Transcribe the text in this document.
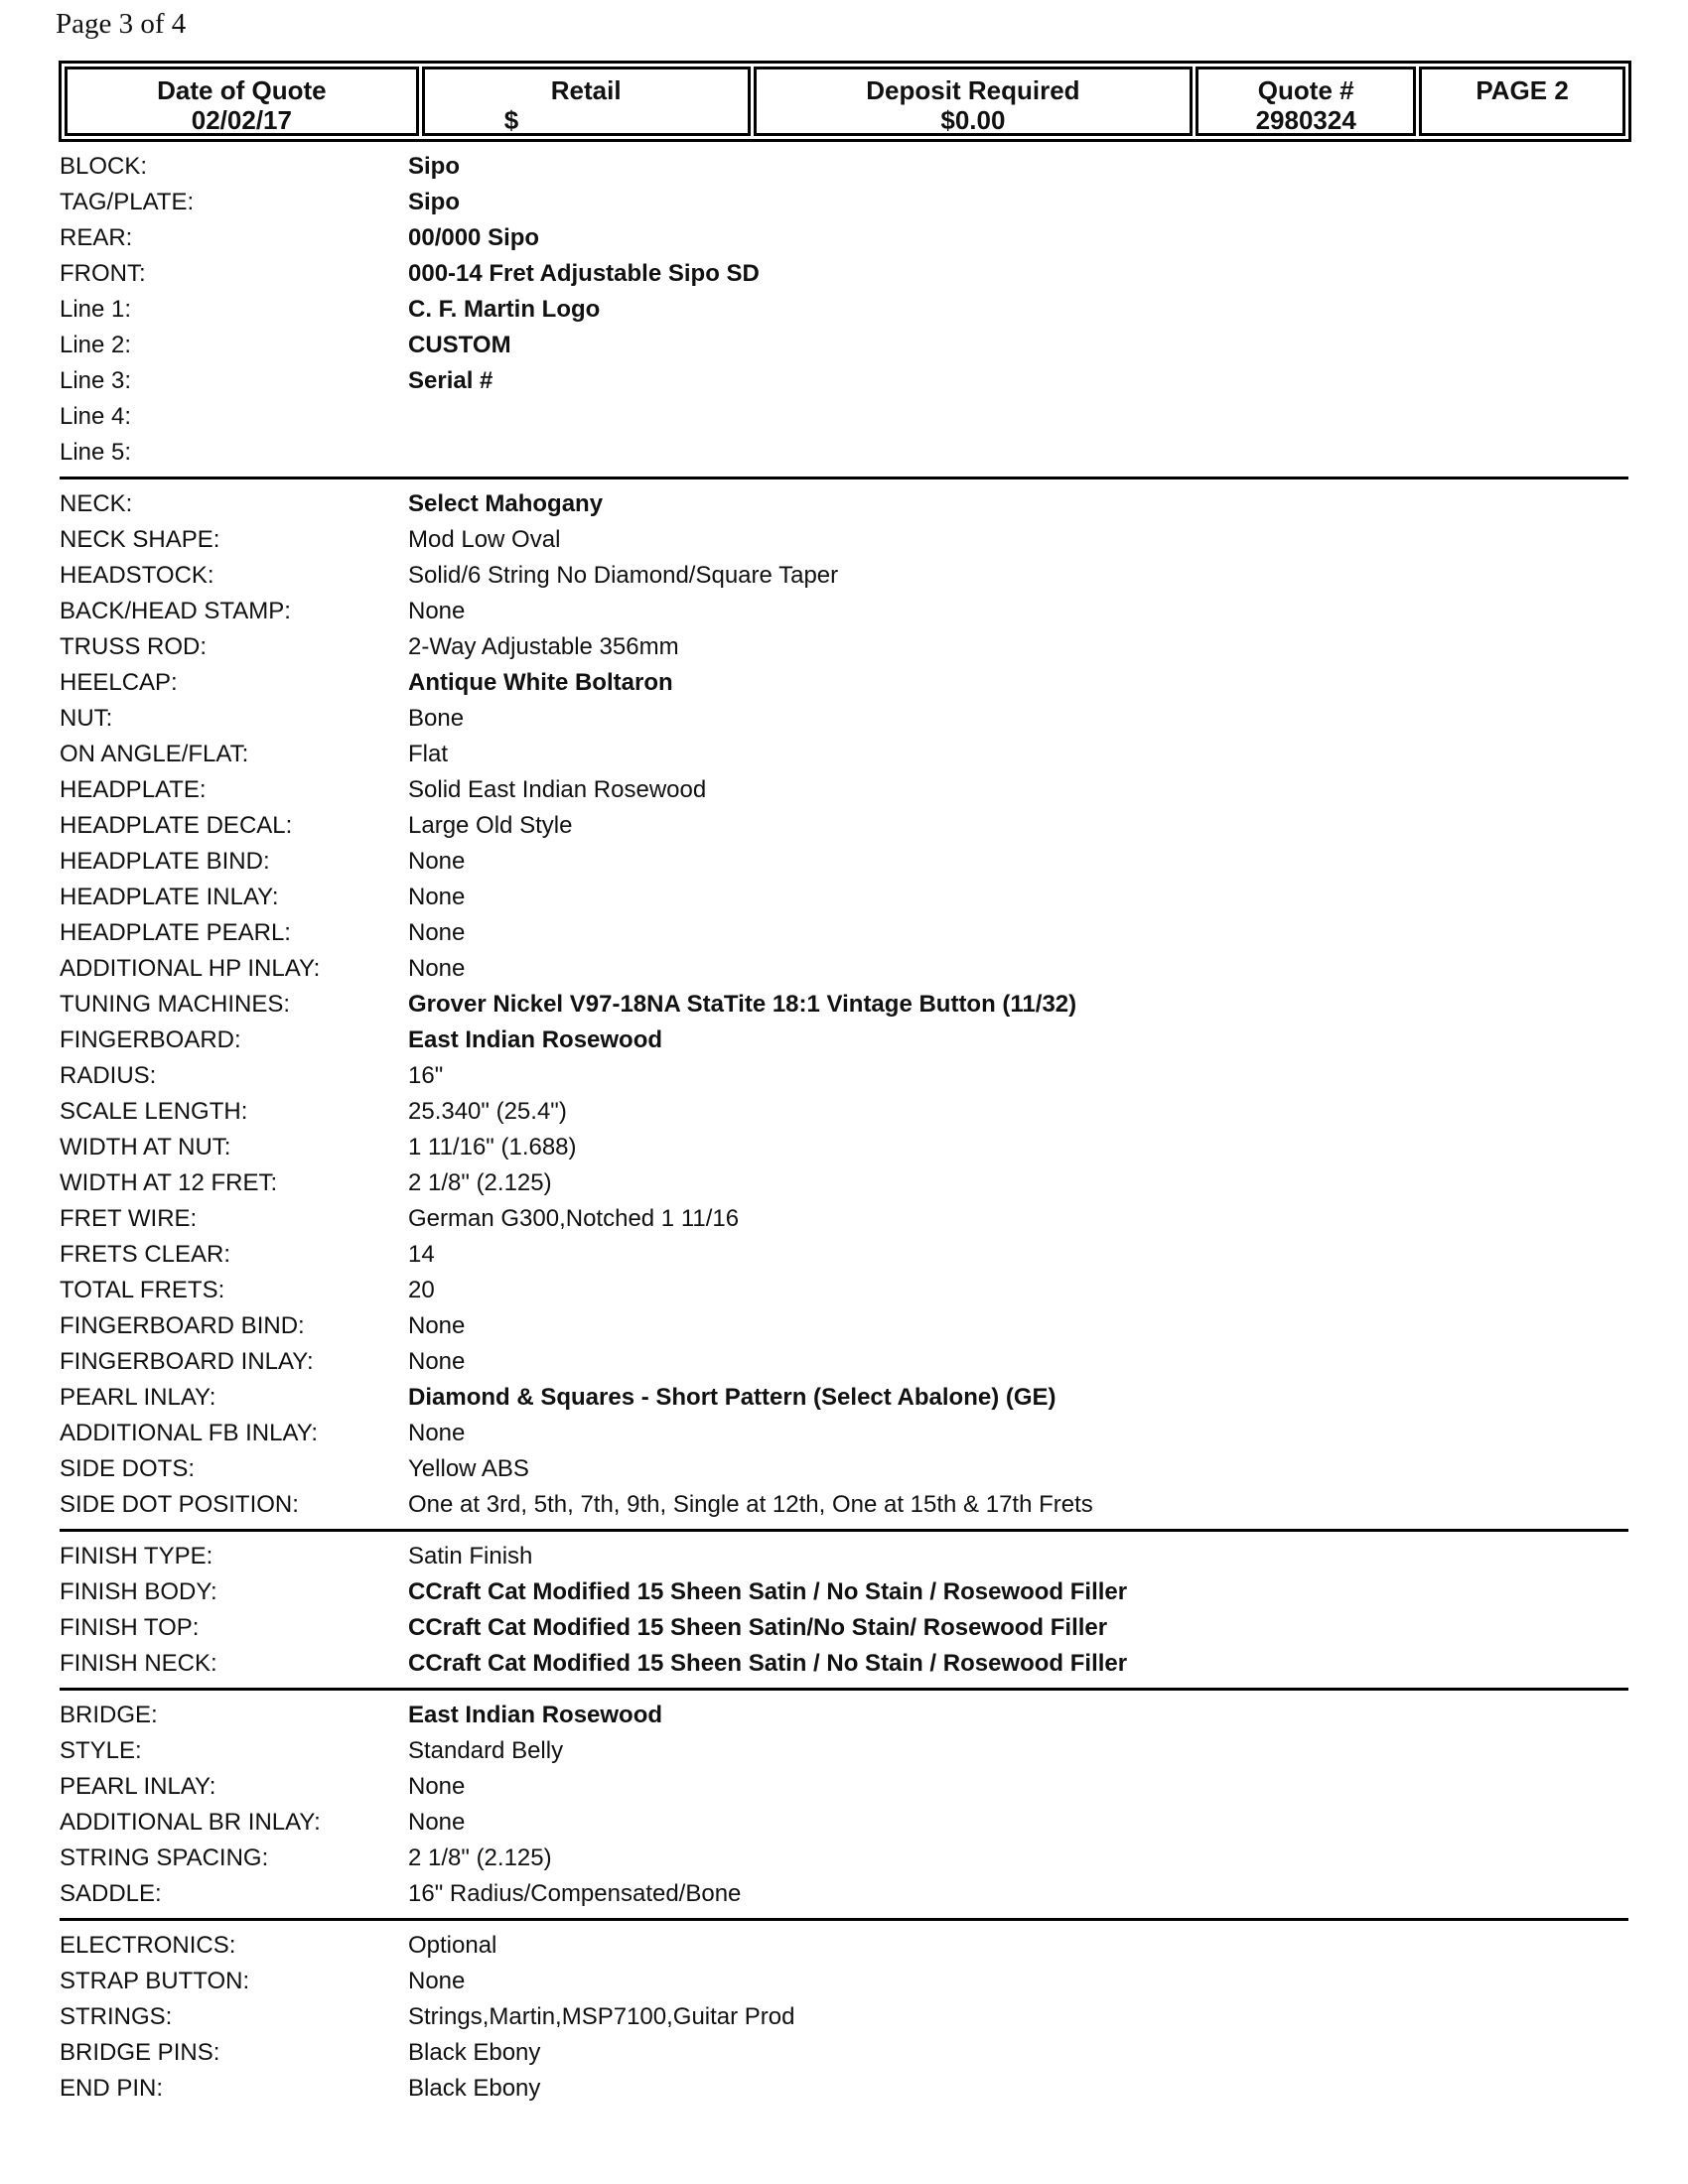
Page 3 of 4
Date of Quote
02/02/17
Retail
$
Deposit Required
$0.00
Quote #
2980324
PAGE 2
BLOCK:	Sipo
TAG/PLATE:	Sipo
REAR:	00/000 Sipo
FRONT:	000-14 Fret Adjustable Sipo SD
Line 1:	C. F. Martin Logo
Line 2:	CUSTOM
Line 3:	Serial #
Line 4:
Line 5:
NECK:	Select Mahogany
NECK SHAPE:	Mod Low Oval
HEADSTOCK:	Solid/6 String No Diamond/Square Taper
BACK/HEAD STAMP:	None
TRUSS ROD:	2-Way Adjustable 356mm
HEELCAP:	Antique White Boltaron
NUT:	Bone
ON ANGLE/FLAT:	Flat
HEADPLATE:	Solid East Indian Rosewood
HEADPLATE DECAL:	Large Old Style
HEADPLATE BIND:	None
HEADPLATE INLAY:	None
HEADPLATE PEARL:	None
ADDITIONAL HP INLAY:	None
TUNING MACHINES:	Grover Nickel V97-18NA StaTite 18:1 Vintage Button (11/32)
FINGERBOARD:	East Indian Rosewood
RADIUS:	16"
SCALE LENGTH:	25.340" (25.4")
WIDTH AT NUT:	1 11/16" (1.688)
WIDTH AT 12 FRET:	2 1/8" (2.125)
FRET WIRE:	German G300,Notched 1 11/16
FRETS CLEAR:	14
TOTAL FRETS:	20
FINGERBOARD BIND:	None
FINGERBOARD INLAY:	None
PEARL INLAY:	Diamond & Squares - Short Pattern (Select Abalone) (GE)
ADDITIONAL FB INLAY:	None
SIDE DOTS:	Yellow ABS
SIDE DOT POSITION:	One at 3rd, 5th, 7th, 9th, Single at 12th, One at 15th & 17th Frets
FINISH TYPE:	Satin Finish
FINISH BODY:	CCraft Cat Modified 15 Sheen Satin / No Stain / Rosewood Filler
FINISH TOP:	CCraft Cat Modified 15 Sheen Satin/No Stain/ Rosewood Filler
FINISH NECK:	CCraft Cat Modified 15 Sheen Satin / No Stain / Rosewood Filler
BRIDGE:	East Indian Rosewood
STYLE:	Standard Belly
PEARL INLAY:	None
ADDITIONAL BR INLAY:	None
STRING SPACING:	2 1/8" (2.125)
SADDLE:	16" Radius/Compensated/Bone
ELECTRONICS:	Optional
STRAP BUTTON:	None
STRINGS:	Strings,Martin,MSP7100,Guitar Prod
BRIDGE PINS:	Black Ebony
END PIN:	Black Ebony
